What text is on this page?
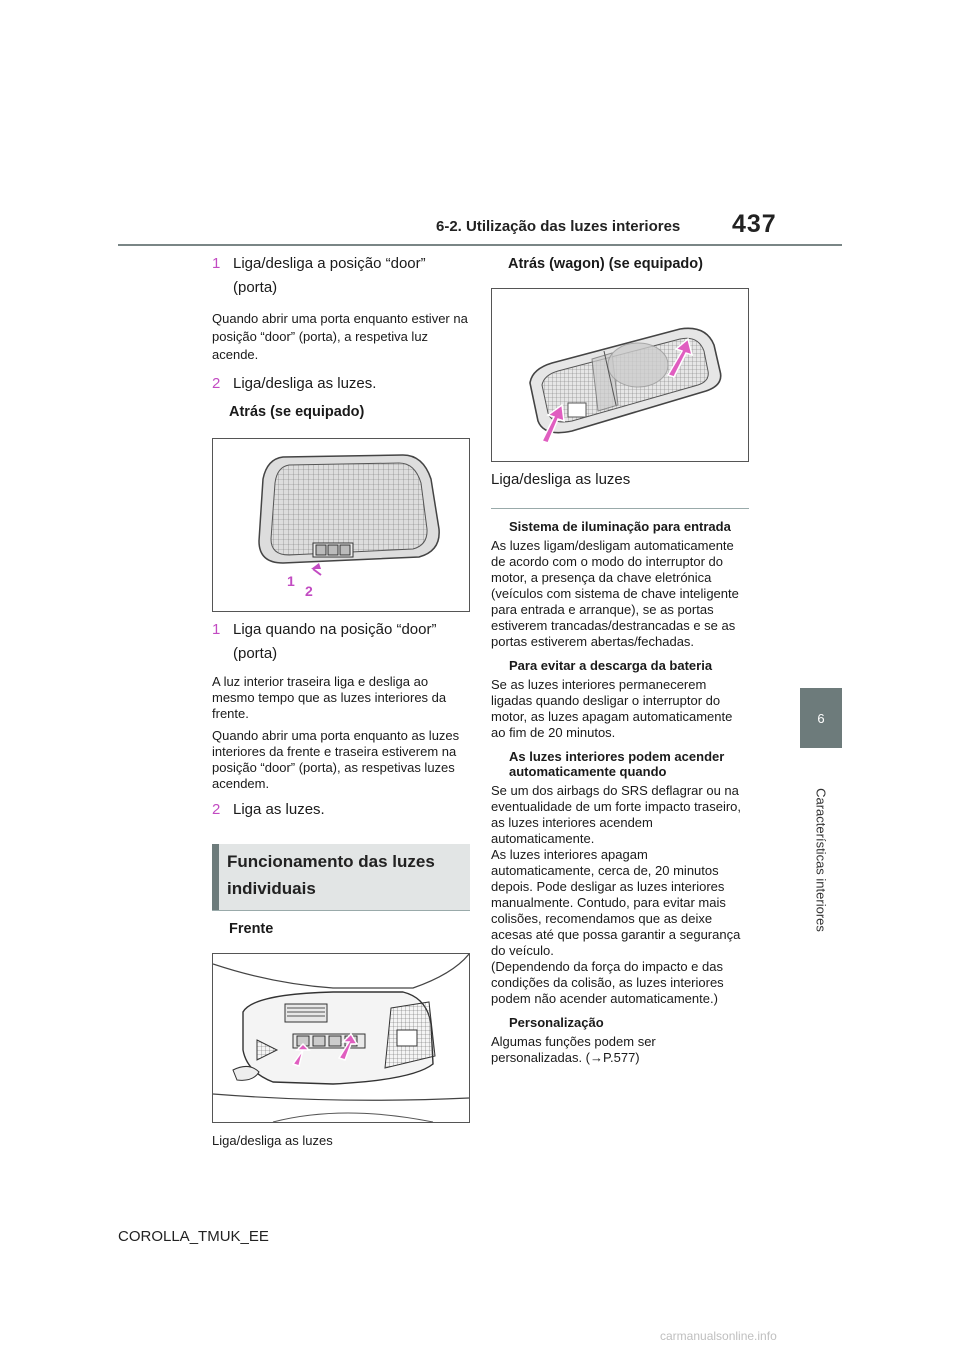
6-2. Utilização das luzes interiores 437
6
Características interiores
1 Liga/desliga a posição “door” (porta)

Quando abrir uma porta enquanto estiver na posição “door” (porta), a respetiva luz acende.

2 Liga/desliga as luzes.

Atrás (se equipado)

1
2
1 Liga quando na posição “door” (porta)

A luz interior traseira liga e desliga ao mesmo tempo que as luzes interiores da frente.

Quando abrir uma porta enquanto as luzes interiores da frente e traseira estiverem na posição “door” (porta), as respetivas luzes acendem.

2 Liga as luzes.
Funcionamento das luzes individuais

Frente

Liga/desliga as luzes

Atrás (wagon) (se equipado)

Liga/desliga as luzes

Sistema de iluminação para entrada

As luzes ligam/desligam automaticamente de acordo com o modo do interruptor do motor, a presença da chave eletrónica (veículos com sistema de chave inteligente para entrada e arranque), se as portas estiverem trancadas/destrancadas e se as portas estiverem abertas/fechadas.

Para evitar a descarga da bateria

Se as luzes interiores permanecerem ligadas quando desligar o interruptor do motor, as luzes apagam automaticamente ao fim de 20 minutos.

As luzes interiores podem acender automaticamente quando

Se um dos airbags do SRS deflagrar ou na eventualidade de um forte impacto traseiro, as luzes interiores acendem automaticamente.

As luzes interiores apagam automaticamente, cerca de, 20 minutos depois. Pode desligar as luzes interiores manualmente. Contudo, para evitar mais colisões, recomendamos que as deixe acesas até que possa garantir a segurança do veículo.

(Dependendo da força do impacto e das condições da colisão, as luzes interiores podem não acender automaticamente.)

Personalização

Algumas funções podem ser personalizadas. (→P.577)

COROLLA_TMUK_EE
carmanualsonline.info
